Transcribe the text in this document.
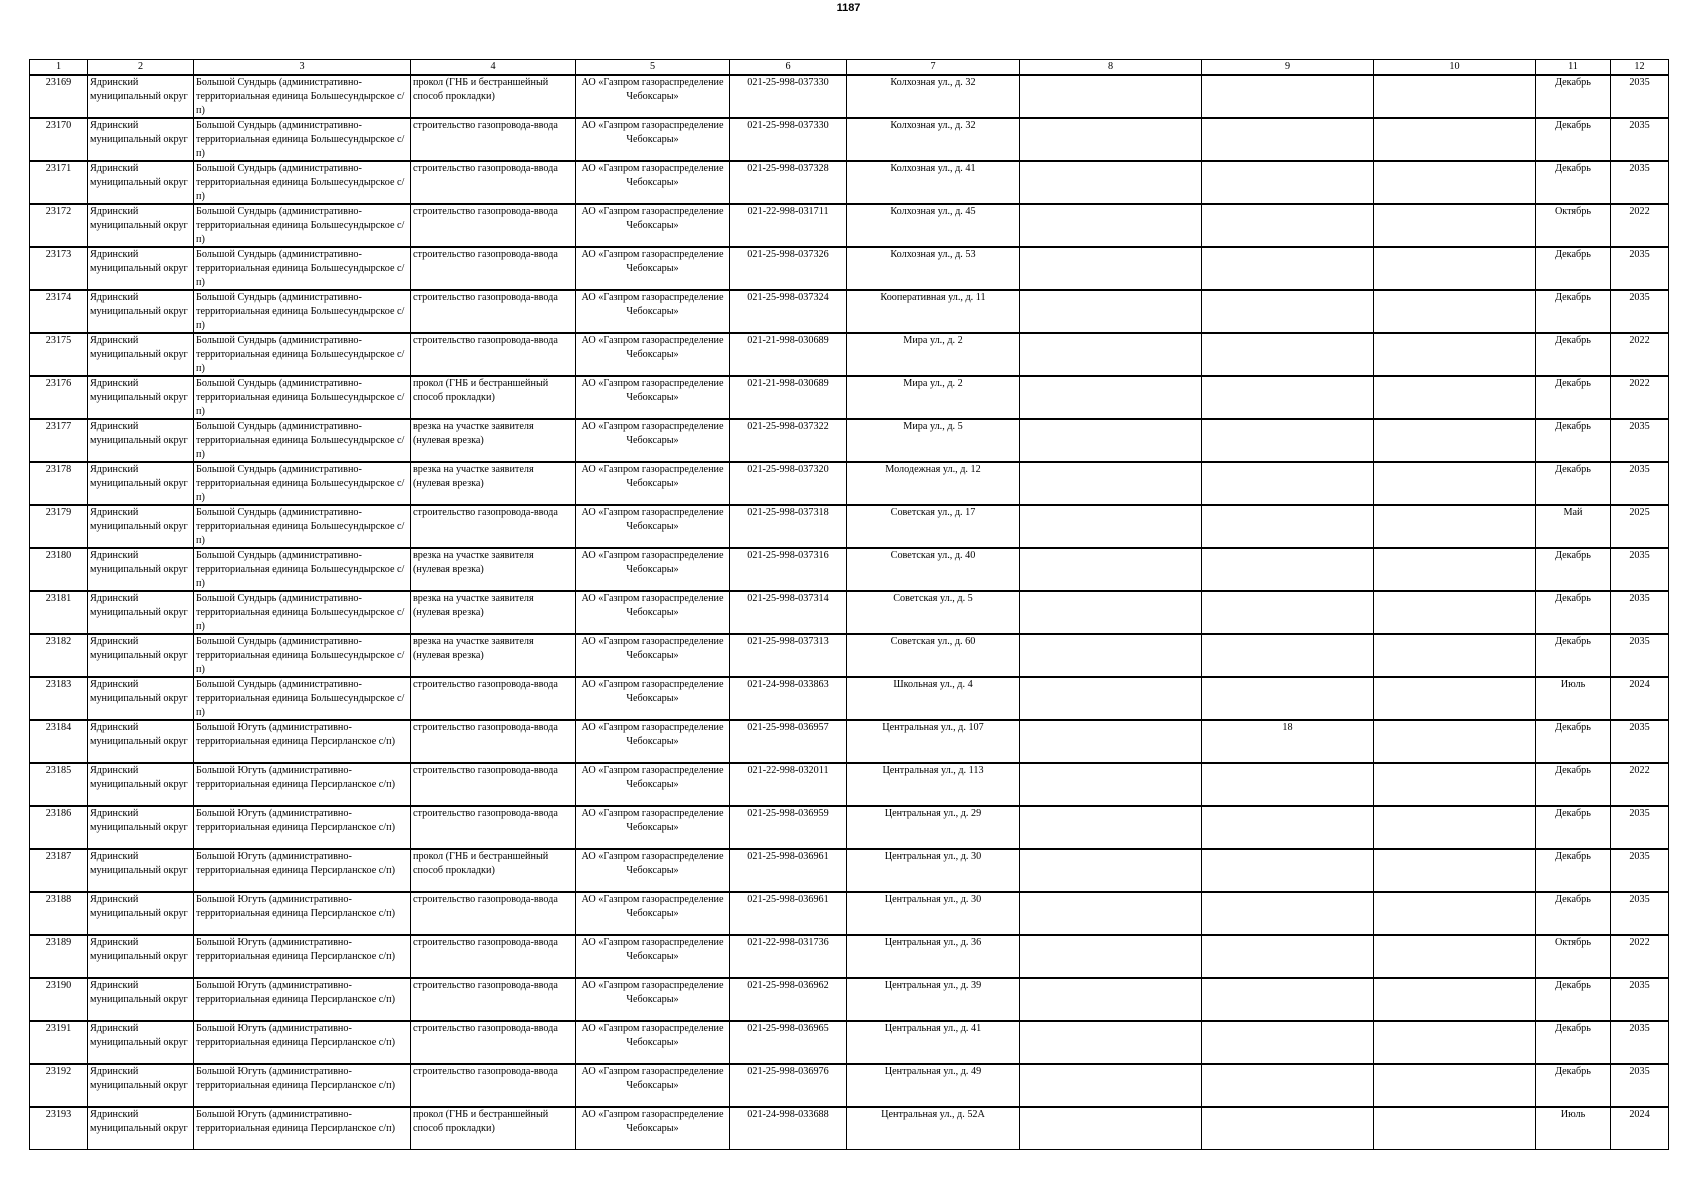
1187
1	2	3	4	5	6	7	8	9	10	11	12

23169	Ядринский муниципальный округ	Большой Сундырь (административно-территориальная единица Большесундырское с/п)	прокол (ГНБ и бестраншейный способ прокладки)	АО «Газпром газораспределение Чебоксары»	021-25-998-037330	Колхозная ул., д. 32				Декабрь	2035

23170	Ядринский муниципальный округ	Большой Сундырь (административно-территориальная единица Большесундырское с/п)	строительство газопровода-ввода	АО «Газпром газораспределение Чебоксары»	021-25-998-037330	Колхозная ул., д. 32				Декабрь	2035

23171	Ядринский муниципальный округ	Большой Сундырь (административно-территориальная единица Большесундырское с/п)	строительство газопровода-ввода	АО «Газпром газораспределение Чебоксары»	021-25-998-037328	Колхозная ул., д. 41				Декабрь	2035

23172	Ядринский муниципальный округ	Большой Сундырь (административно-территориальная единица Большесундырское с/п)	строительство газопровода-ввода	АО «Газпром газораспределение Чебоксары»	021-22-998-031711	Колхозная ул., д. 45				Октябрь	2022

23173	Ядринский муниципальный округ	Большой Сундырь (административно-территориальная единица Большесундырское с/п)	строительство газопровода-ввода	АО «Газпром газораспределение Чебоксары»	021-25-998-037326	Колхозная ул., д. 53				Декабрь	2035

23174	Ядринский муниципальный округ	Большой Сундырь (административно-территориальная единица Большесундырское с/п)	строительство газопровода-ввода	АО «Газпром газораспределение Чебоксары»	021-25-998-037324	Кооперативная ул., д. 11				Декабрь	2035

23175	Ядринский муниципальный округ	Большой Сундырь (административно-территориальная единица Большесундырское с/п)	строительство газопровода-ввода	АО «Газпром газораспределение Чебоксары»	021-21-998-030689	Мира ул., д. 2				Декабрь	2022

23176	Ядринский муниципальный округ	Большой Сундырь (административно-территориальная единица Большесундырское с/п)	прокол (ГНБ и бестраншейный способ прокладки)	АО «Газпром газораспределение Чебоксары»	021-21-998-030689	Мира ул., д. 2				Декабрь	2022

23177	Ядринский муниципальный округ	Большой Сундырь (административно-территориальная единица Большесундырское с/п)	врезка на участке заявителя (нулевая врезка)	АО «Газпром газораспределение Чебоксары»	021-25-998-037322	Мира ул., д. 5				Декабрь	2035

23178	Ядринский муниципальный округ	Большой Сундырь (административно-территориальная единица Большесундырское с/п)	врезка на участке заявителя (нулевая врезка)	АО «Газпром газораспределение Чебоксары»	021-25-998-037320	Молодежная ул., д. 12				Декабрь	2035

23179	Ядринский муниципальный округ	Большой Сундырь (административно-территориальная единица Большесундырское с/п)	строительство газопровода-ввода	АО «Газпром газораспределение Чебоксары»	021-25-998-037318	Советская ул., д. 17				Май	2025

23180	Ядринский муниципальный округ	Большой Сундырь (административно-территориальная единица Большесундырское с/п)	врезка на участке заявителя (нулевая врезка)	АО «Газпром газораспределение Чебоксары»	021-25-998-037316	Советская ул., д. 40				Декабрь	2035

23181	Ядринский муниципальный округ	Большой Сундырь (административно-территориальная единица Большесундырское с/п)	врезка на участке заявителя (нулевая врезка)	АО «Газпром газораспределение Чебоксары»	021-25-998-037314	Советская ул., д. 5				Декабрь	2035

23182	Ядринский муниципальный округ	Большой Сундырь (административно-территориальная единица Большесундырское с/п)	врезка на участке заявителя (нулевая врезка)	АО «Газпром газораспределение Чебоксары»	021-25-998-037313	Советская ул., д. 60				Декабрь	2035

23183	Ядринский муниципальный округ	Большой Сундырь (административно-территориальная единица Большесундырское с/п)	строительство газопровода-ввода	АО «Газпром газораспределение Чебоксары»	021-24-998-033863	Школьная ул., д. 4				Июль	2024

23184	Ядринский муниципальный округ	Большой Югуть (административно-территориальная единица Персирланское с/п)	строительство газопровода-ввода	АО «Газпром газораспределение Чебоксары»	021-25-998-036957	Центральная ул., д. 107		18		Декабрь	2035

23185	Ядринский муниципальный округ	Большой Югуть (административно-территориальная единица Персирланское с/п)	строительство газопровода-ввода	АО «Газпром газораспределение Чебоксары»	021-22-998-032011	Центральная ул., д. 113				Декабрь	2022

23186	Ядринский муниципальный округ	Большой Югуть (административно-территориальная единица Персирланское с/п)	строительство газопровода-ввода	АО «Газпром газораспределение Чебоксары»	021-25-998-036959	Центральная ул., д. 29				Декабрь	2035

23187	Ядринский муниципальный округ	Большой Югуть (административно-территориальная единица Персирланское с/п)	прокол (ГНБ и бестраншейный способ прокладки)	АО «Газпром газораспределение Чебоксары»	021-25-998-036961	Центральная ул., д. 30				Декабрь	2035

23188	Ядринский муниципальный округ	Большой Югуть (административно-территориальная единица Персирланское с/п)	строительство газопровода-ввода	АО «Газпром газораспределение Чебоксары»	021-25-998-036961	Центральная ул., д. 30				Декабрь	2035

23189	Ядринский муниципальный округ	Большой Югуть (административно-территориальная единица Персирланское с/п)	строительство газопровода-ввода	АО «Газпром газораспределение Чебоксары»	021-22-998-031736	Центральная ул., д. 36				Октябрь	2022

23190	Ядринский муниципальный округ	Большой Югуть (административно-территориальная единица Персирланское с/п)	строительство газопровода-ввода	АО «Газпром газораспределение Чебоксары»	021-25-998-036962	Центральная ул., д. 39				Декабрь	2035

23191	Ядринский муниципальный округ	Большой Югуть (административно-территориальная единица Персирланское с/п)	строительство газопровода-ввода	АО «Газпром газораспределение Чебоксары»	021-25-998-036965	Центральная ул., д. 41				Декабрь	2035

23192	Ядринский муниципальный округ	Большой Югуть (административно-территориальная единица Персирланское с/п)	строительство газопровода-ввода	АО «Газпром газораспределение Чебоксары»	021-25-998-036976	Центральная ул., д. 49				Декабрь	2035

23193	Ядринский муниципальный округ	Большой Югуть (административно-территориальная единица Персирланское с/п)	прокол (ГНБ и бестраншейный способ прокладки)	АО «Газпром газораспределение Чебоксары»	021-24-998-033688	Центральная ул., д. 52А				Июль	2024
